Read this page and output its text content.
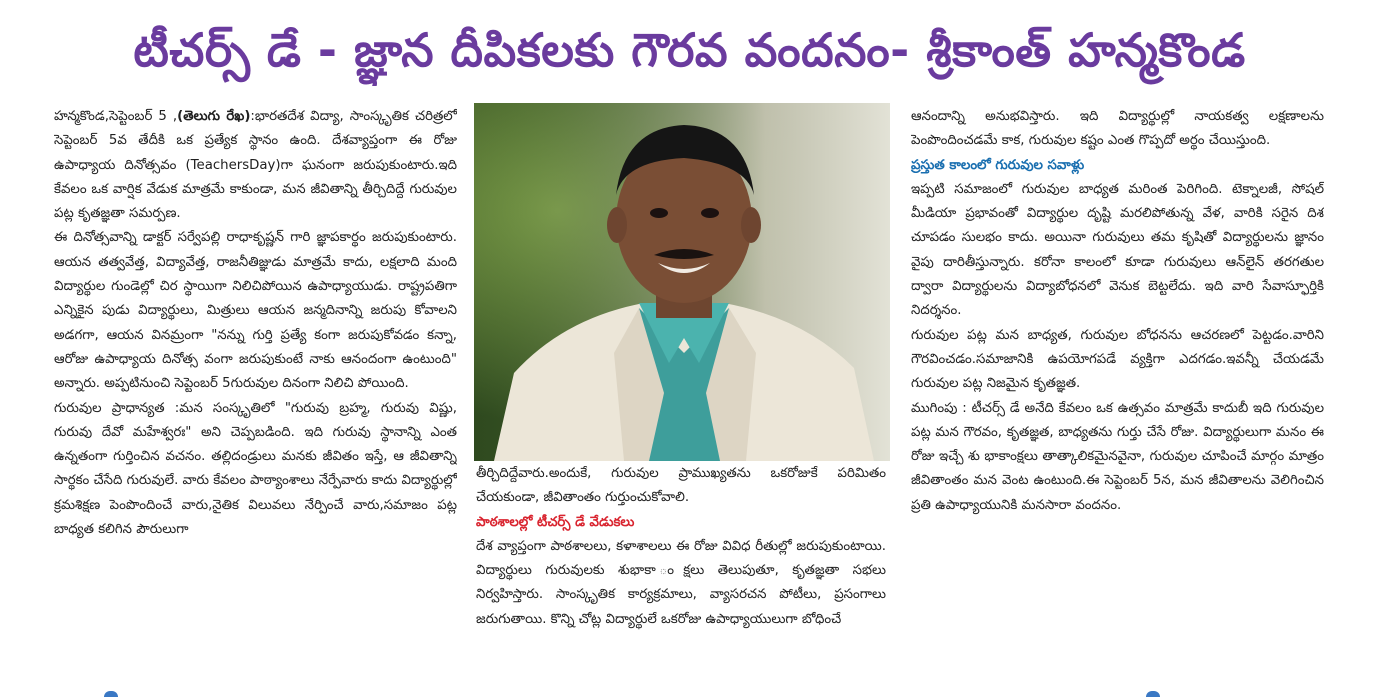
టీచర్స్ డే - జ్ఞాన దీపికలకు గౌరవ వందనం- శ్రీకాంత్ హన్మకొండ

హన్మకొండ,సెప్టెంబర్ 5 ,(తెలుగు రేఖ):భారతదేశ విద్యా, సాంస్కృతిక చరిత్రలో సెప్టెంబర్ 5వ తేదీకి ఒక ప్రత్యేక స్థానం ఉంది. దేశవ్యాప్తంగా ఈ రోజు ఉపాధ్యాయ దినోత్సవం (TeachersDay)గా ఘనంగా జరుపుకుంటారు.ఇది కేవలం ఒక వార్షిక వేడుక మాత్రమే కాకుండా, మన జీవితాన్ని తీర్చిదిద్దే గురువుల పట్ల కృతజ్ఞతా సమర్పణ.

ఈ దినోత్సవాన్ని డాక్టర్ సర్వేపల్లి రాధాకృష్ణన్ గారి జ్ఞాపకార్థం జరుపుకుంటారు. ఆయన తత్వవేత్త, విద్యావేత్త, రాజనీతిజ్ఞుడు మాత్రమే కాదు, లక్షలాది మంది విద్యార్థుల గుండెల్లో చిర స్థాయిగా నిలిచిపోయిన ఉపాధ్యాయుడు. రాష్ట్రపతిగా ఎన్నికైన పుడు విద్యార్థులు, మిత్రులు ఆయన జన్మదినాన్ని జరుపు కోవాలని అడగగా, ఆయన వినమ్రంగా "నన్ను గుర్తి ప్రత్యే కంగా జరుపుకోవడం కన్నా, ఆరోజు ఉపాధ్యాయ దినోత్స వంగా జరుపుకుంటే నాకు ఆనందంగా ఉంటుంది" అన్నారు. అప్పటినుంచి సెప్టెంబర్ 5గురువుల దినంగా నిలిచి పోయింది.

గురువుల ప్రాధాన్యత :మన సంస్కృతిలో "గురువు బ్రహ్మ, గురువు విష్ణు, గురువు దేవో మహేశ్వరః" అని చెప్పబడింది. ఇది గురువు స్థానాన్ని ఎంత ఉన్నతంగా గుర్తించిన వచనం. తల్లిదండ్రులు మనకు జీవితం ఇస్తే, ఆ జీవితాన్ని సార్థకం చేసేది గురువులే. వారు కేవలం పాఠ్యాంశాలు నేర్పేవారు కాదు విద్యార్థుల్లో క్రమశిక్షణ పెంపొందించే వారు,నైతిక విలువలు నేర్పించే వారు,సమాజం పట్ల బాధ్యత కలిగిన పౌరులుగా

తీర్చిదిద్దేవారు.అందుకే, గురువుల ప్రాముఖ్యతను ఒకరోజుకే పరిమితం చేయకుండా, జీవితాంతం గుర్తుంచుకోవాలి.

పాఠశాలల్లో టీచర్స్ డే వేడుకలు

దేశ వ్యాప్తంగా పాఠశాలలు, కళాశాలలు ఈ రోజు వివిధ రీతుల్లో జరుపుకుంటాయి. విద్యార్థులు గురువులకు శుభాకా ంక్షలు తెలుపుతూ, కృతజ్ఞతా సభలు నిర్వహిస్తారు. సాంస్కృతిక కార్యక్రమాలు, వ్యాసరచన పోటీలు, ప్రసంగాలు జరుగుతాయి. కొన్ని చోట్ల విద్యార్థులే ఒకరోజు ఉపాధ్యాయులుగా బోధించే

ఆనందాన్ని అనుభవిస్తారు. ఇది విద్యార్థుల్లో నాయకత్వ లక్షణాలను పెంపొందించడమే కాక, గురువుల కష్టం ఎంత గొప్పదో అర్థం చేయిస్తుంది.

ప్రస్తుత కాలంలో గురువుల సవాళ్లు

ఇప్పటి సమాజంలో గురువుల బాధ్యత మరింత పెరిగింది. టెక్నాలజీ, సోషల్ మీడియా ప్రభావంతో విద్యార్థుల దృష్టి మరలిపోతున్న వేళ, వారికి సరైన దిశ చూపడం సులభం కాదు. అయినా గురువులు తమ కృషితో విద్యార్థులను జ్ఞానం వైపు దారితీస్తున్నారు. కరోనా కాలంలో కూడా గురువులు ఆన్‌లైన్ తరగతుల ద్వారా విద్యార్థులను విద్యాబోధనలో వెనుక బెట్టలేదు. ఇది వారి సేవాస్ఫూర్తికి నిదర్శనం.

గురువుల పట్ల మన బాధ్యత, గురువుల బోధనను ఆచరణలో పెట్టడం.వారిని గౌరవించడం.సమాజానికి ఉపయోగపడే వ్యక్తిగా ఎదగడం.ఇవన్నీ చేయడమే గురువుల పట్ల నిజమైన కృతజ్ఞత.

ముగింపు : టీచర్స్ డే అనేది కేవలం ఒక ఉత్సవం మాత్రమే కాదుబీ ఇది గురువుల పట్ల మన గౌరవం, కృతజ్ఞత, బాధ్యతను గుర్తు చేసే రోజు. విద్యార్థులుగా మనం ఈ రోజు ఇచ్చే శు భాకాంక్షలు తాత్కాలికమైనవైనా, గురువుల చూపించే మార్గం మాత్రం జీవితాంతం మన వెంట ఉంటుంది.ఈ సెప్టెంబర్ 5న, మన జీవితాలను వెలిగించిన ప్రతి ఉపాధ్యాయునికి మనసారా వందనం.
